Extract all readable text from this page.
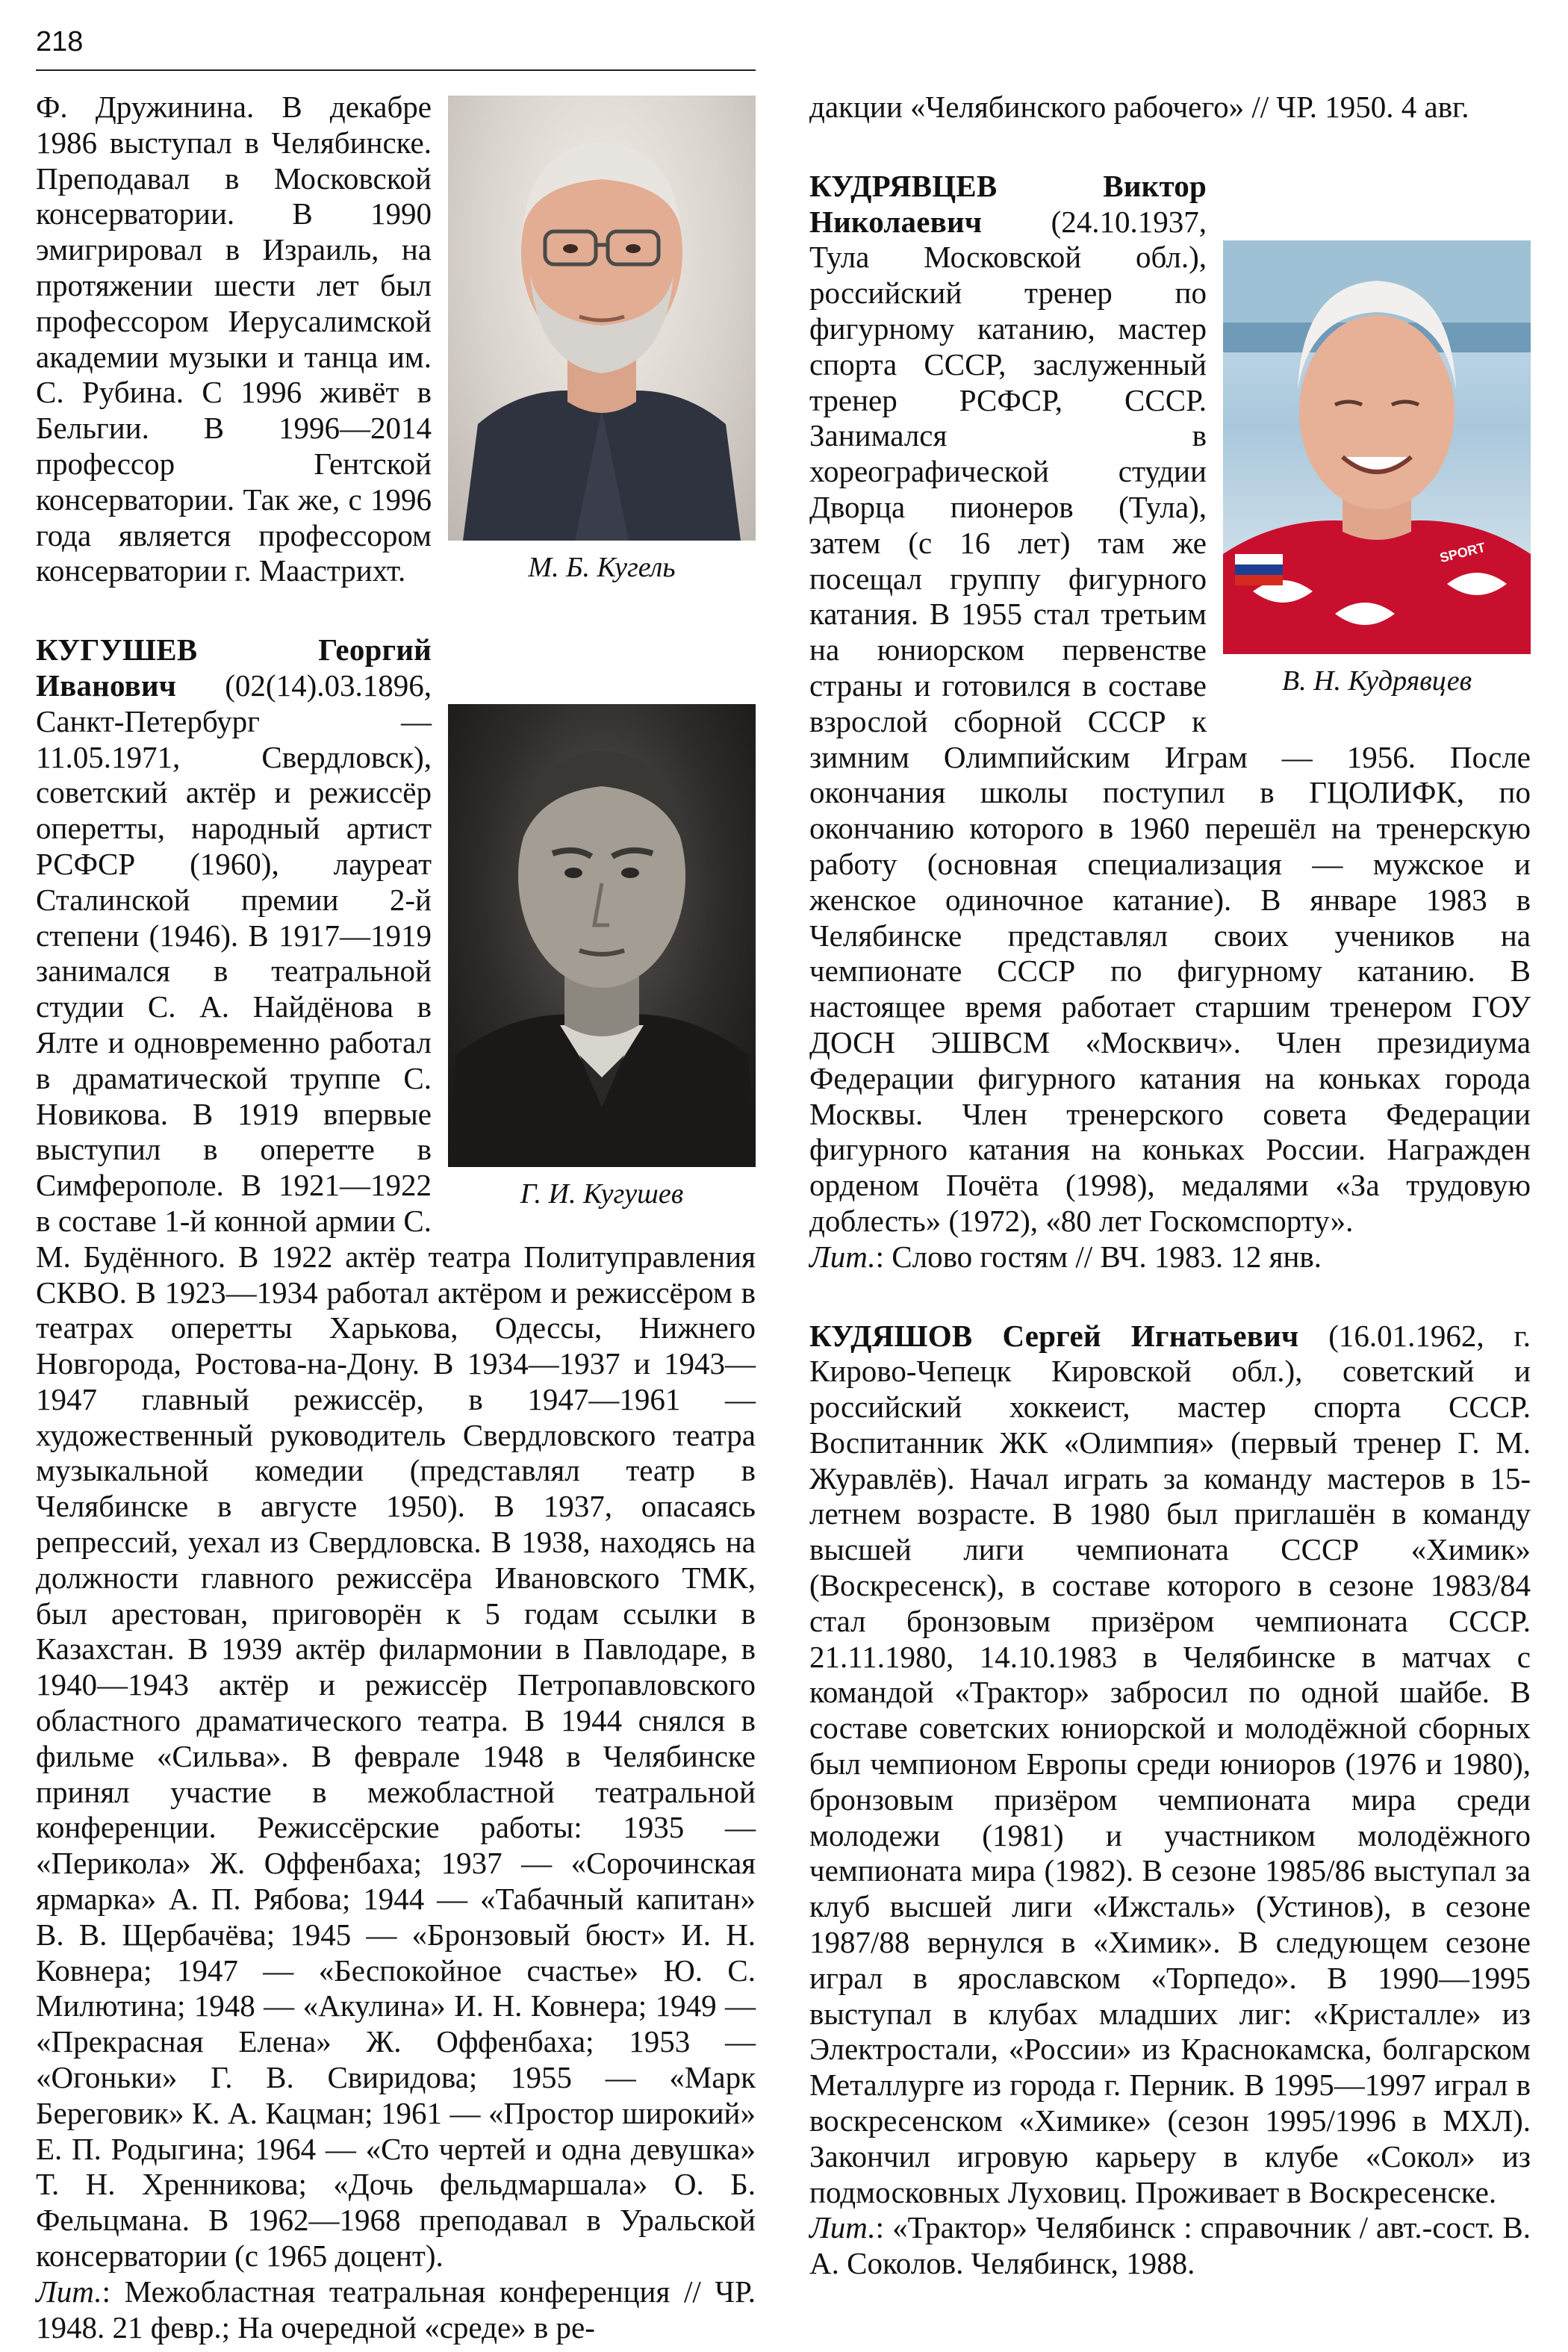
218
М. Б. Кугель

Ф. Дружинина. В декабре 1986 выступал в Челябинске. Преподавал в Московской консерватории. В 1990 эмигрировал в Израиль, на протяжении шести лет был профессором Иерусалимской академии музыки и танца им. С. Рубина. С 1996 живёт в Бельгии. В 1996—2014 профессор Гентской консерватории. Так же, с 1996 года является профессором консерватории г. Маастрихт.

Г. И. Кугушев
КУГУШЕВ Георгий Иванович (02(14).03.1896, Санкт-Петербург — 11.05.1971, Свердловск), советский актёр и режиссёр оперетты, народный артист РСФСР (1960), лауреат Сталинской премии 2-й степени (1946). В 1917—1919 занимался в театральной студии С. А. Найдёнова в Ялте и одновременно работал в драматической труппе С. Новикова. В 1919 впервые выступил в оперетте в Симферополе. В 1921—1922 в составе 1-й конной армии С. М. Будённого. В 1922 актёр театра Политуправления СКВО. В 1923—1934 работал актёром и режиссёром в театрах оперетты Харькова, Одессы, Нижнего Новгорода, Ростова-на-Дону. В 1934—1937 и 1943—1947 главный режиссёр, в 1947—1961 — художественный руководитель Свердловского театра музыкальной комедии (представлял театр в Челябинске в августе 1950). В 1937, опасаясь репрессий, уехал из Свердловска. В 1938, находясь на должности главного режиссёра Ивановского ТМК, был арестован, приговорён к 5 годам ссылки в Казахстан. В 1939 актёр филармонии в Павлодаре, в 1940—1943 актёр и режиссёр Петропавловского областного драматического театра. В 1944 снялся в фильме «Сильва». В феврале 1948 в Челябинске принял участие в межобластной театральной конференции. Режиссёрские работы: 1935 — «Перикола» Ж. Оффенбаха; 1937 — «Сорочинская ярмарка» А. П. Рябова; 1944 — «Табачный капитан» В. В. Щербачёва; 1945 — «Бронзовый бюст» И. Н. Ковнера; 1947 — «Беспокойное счастье» Ю. С. Милютина; 1948 — «Акулина» И. Н. Ковнера; 1949 — «Прекрасная Елена» Ж. Оффенбаха; 1953 — «Огоньки» Г. В. Свиридова; 1955 — «Марк Береговик» К. А. Кацман; 1961 — «Простор широкий» Е. П. Родыгина; 1964 — «Сто чертей и одна девушка» Т. Н. Хренникова; «Дочь фельдмаршала» О. Б. Фельцмана. В 1962—1968 преподавал в Уральской консерватории (с 1965 доцент).

Лит.: Межобластная театральная конференция // ЧР. 1948. 21 февр.; На очередной «среде» в ре-

дакции «Челябинского рабочего» // ЧР. 1950. 4 авг.

SPORT
В. Н. Кудрявцев
КУДРЯВЦЕВ Виктор Николаевич (24.10.1937, Тула Московской обл.), российский тренер по фигурному катанию, мастер спорта СССР, заслуженный тренер РСФСР, СССР. Занимался в хореографической студии Дворца пионеров (Тула), затем (с 16 лет) там же посещал группу фигурного катания. В 1955 стал третьим на юниорском первенстве страны и готовился в составе взрослой сборной СССР к зимним Олимпийским Играм — 1956. После окончания школы поступил в ГЦОЛИФК, по окончанию которого в 1960 перешёл на тренерскую работу (основная специализация — мужское и женское одиночное катание). В январе 1983 в Челябинске представлял своих учеников на чемпионате СССР по фигурному катанию. В настоящее время работает старшим тренером ГОУ ДОСН ЭШВСМ «Москвич». Член президиума Федерации фигурного катания на коньках города Москвы. Член тренерского совета Федерации фигурного катания на коньках России. Награжден орденом Почёта (1998), медалями «За трудовую доблесть» (1972), «80 лет Госкомспорту».

Лит.: Слово гостям // ВЧ. 1983. 12 янв.

КУДЯШОВ Сергей Игнатьевич (16.01.1962, г. Кирово-Чепецк Кировской обл.), советский и российский хоккеист, мастер спорта СССР. Воспитанник ЖК «Олимпия» (первый тренер Г. М. Журавлёв). Начал играть за команду мастеров в 15-летнем возрасте. В 1980 был приглашён в команду высшей лиги чемпионата СССР «Химик» (Воскресенск), в составе которого в сезоне 1983/84 стал бронзовым призёром чемпионата СССР. 21.11.1980, 14.10.1983 в Челябинске в матчах с командой «Трактор» забросил по одной шайбе. В составе советских юниорской и молодёжной сборных был чемпионом Европы среди юниоров (1976 и 1980), бронзовым призёром чемпионата мира среди молодежи (1981) и участником молодёжного чемпионата мира (1982). В сезоне 1985/86 выступал за клуб высшей лиги «Ижсталь» (Устинов), в сезоне 1987/88 вернулся в «Химик». В следующем сезоне играл в ярославском «Торпедо». В 1990—1995 выступал в клубах младших лиг: «Кристалле» из Электростали, «России» из Краснокамска, болгарском Металлурге из города г. Перник. В 1995—1997 играл в воскресенском «Химике» (сезон 1995/1996 в МХЛ). Закончил игровую карьеру в клубе «Сокол» из подмосковных Луховиц. Проживает в Воскресенске.

Лит.: «Трактор» Челябинск : справочник / авт.-сост. В. А. Соколов. Челябинск, 1988.
